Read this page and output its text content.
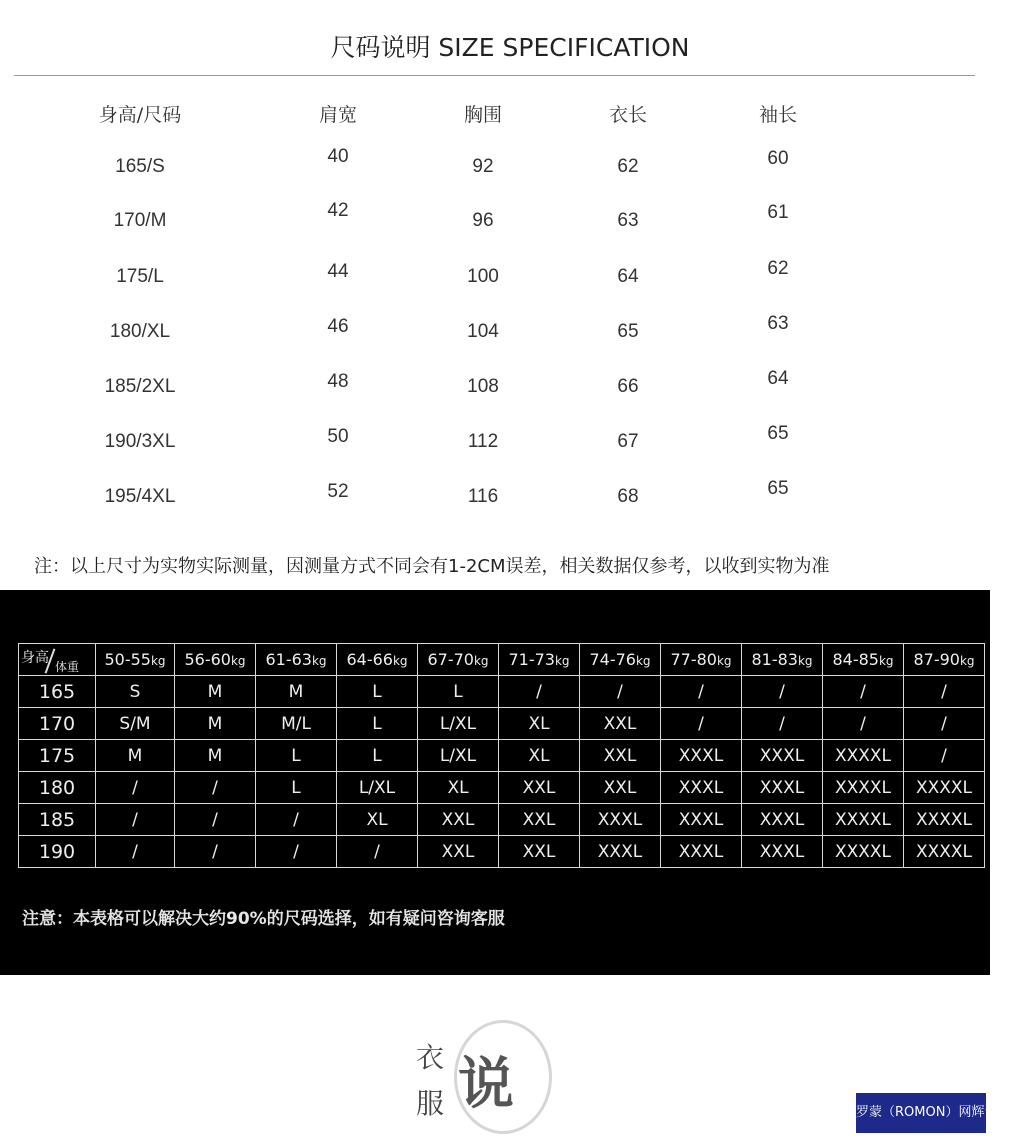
尺码说明 SIZE SPECIFICATION
身高/尺码	肩宽	胸围	衣长	袖长
165/S	40	92	62	60
170/M	42	96	63	61
175/L	44	100	64	62
180/XL	46	104	65	63
185/2XL	48	108	66	64
190/3XL	50	112	67	65
195/4XL	52	116	68	65
注：以上尺寸为实物实际测量，因测量方式不同会有1-2CM误差，相关数据仅参考，以收到实物为准
身高
体重	50-55kg	56-60kg	61-63kg	64-66kg	67-70kg	71-73kg	74-76kg	77-80kg	81-83kg	84-85kg	87-90kg
165	S	M	M	L	L	/	/	/	/	/	/
170	S/M	M	M/L	L	L/XL	XL	XXL	/	/	/	/
175	M	M	L	L	L/XL	XL	XXL	XXXL	XXXL	XXXXL	/
180	/	/	L	L/XL	XL	XXL	XXL	XXXL	XXXL	XXXXL	XXXXL
185	/	/	/	XL	XXL	XXL	XXXL	XXXL	XXXL	XXXXL	XXXXL
190	/	/	/	/	XXL	XXL	XXXL	XXXL	XXXL	XXXXL	XXXXL
注意：本表格可以解决大约90%的尺码选择，如有疑问咨询客服
衣
服 说	罗蒙（ROMON）网辉专卖店
